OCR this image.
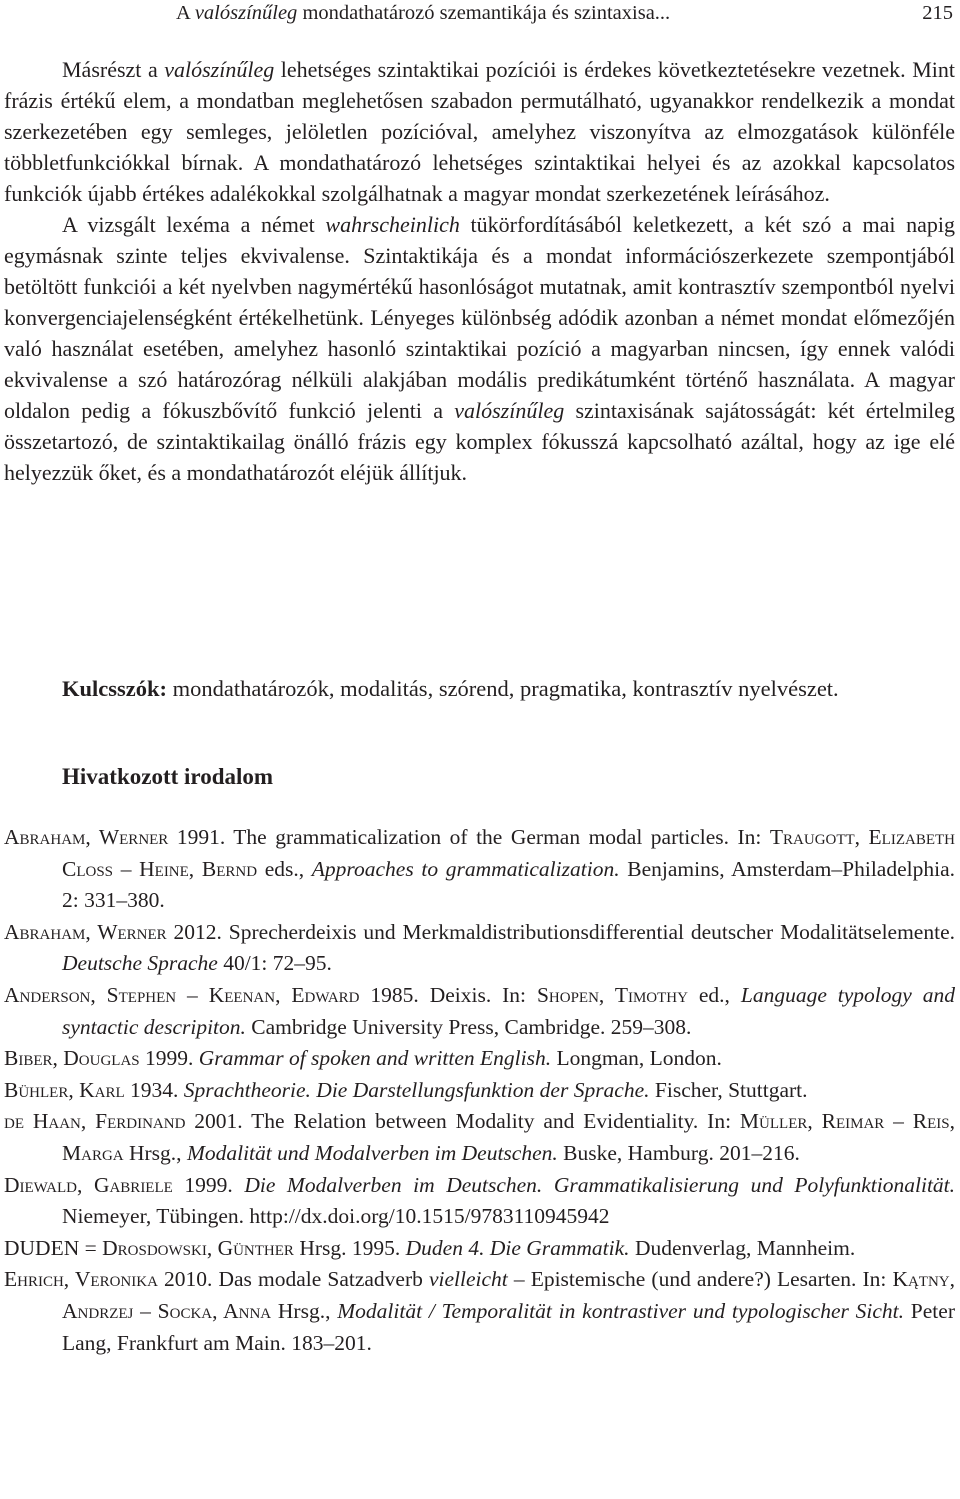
A valószínűleg mondathatározó szemantikája és szintaxisa...	215

Másrészt a valószínűleg lehetséges szintaktikai pozíciói is érdekes következtetésekre vezetnek. Mint frázis értékű elem, a mondatban meglehetősen szabadon permutálható, ugyanakkor rendelkezik a mondat szerkezetében egy semleges, jelöletlen pozícióval, amelyhez viszonyítva az elmozgatások különféle többletfunkciókkal bírnak. A mondathatározó lehetséges szintaktikai helyei és az azokkal kapcsolatos funkciók újabb értékes adalékokkal szolgálhatnak a magyar mondat szerkezetének leírásához.

A vizsgált lexéma a német wahrscheinlich tükörfordításából keletkezett, a két szó a mai napig egymásnak szinte teljes ekvivalense. Szintaktikája és a mondat információszerkezete szempontjából betöltött funkciói a két nyelvben nagymértékű hasonlóságot mutatnak, amit kontrasztív szempontból nyelvi konvergenciajelenségként értékelhetünk. Lényeges különbség adódik azonban a német mondat előmezőjén való használat esetében, amelyhez hasonló szintaktikai pozíció a magyarban nincsen, így ennek valódi ekvivalense a szó határozórag nélküli alakjában modális predikátumként történő használata. A magyar oldalon pedig a fókuszbővítő funkció jelenti a valószínűleg szintaxisának sajátosságát: két értelmileg összetartozó, de szintaktikailag önálló frázis egy komplex fókusszá kapcsolható azáltal, hogy az ige elé helyezzük őket, és a mondathatározót eléjük állítjuk.

Kulcsszók: mondathatározók, modalitás, szórend, pragmatika, kontrasztív nyelvészet.
Hivatkozott irodalom

Abraham, Werner 1991. The grammaticalization of the German modal particles. In: Traugott, Elizabeth Closs – Heine, Bernd eds., Approaches to grammaticalization. Benjamins, Amsterdam–Philadelphia. 2: 331–380.

Abraham, Werner 2012. Sprecherdeixis und Merkmaldistributionsdifferential deutscher Modalitätselemente. Deutsche Sprache 40/1: 72–95.

Anderson, Stephen – Keenan, Edward 1985. Deixis. In: Shopen, Timothy ed., Language typology and syntactic descripiton. Cambridge University Press, Cambridge. 259–308.

Biber, Douglas 1999. Grammar of spoken and written English. Longman, London.

Bühler, Karl 1934. Sprachtheorie. Die Darstellungsfunktion der Sprache. Fischer, Stuttgart.

de Haan, Ferdinand 2001. The Relation between Modality and Evidentiality. In: Müller, Reimar – Reis, Marga Hrsg., Modalität und Modalverben im Deutschen. Buske, Hamburg. 201–216.

Diewald, Gabriele 1999. Die Modalverben im Deutschen. Grammatikalisierung und Polyfunktionalität. Niemeyer, Tübingen. http://dx.doi.org/10.1515/9783110945942

DUDEN = Drosdowski, Günther Hrsg. 1995. Duden 4. Die Grammatik. Dudenverlag, Mannheim.

Ehrich, Veronika 2010. Das modale Satzadverb vielleicht – Epistemische (und andere?) Lesarten. In: Kątny, Andrzej – Socka, Anna Hrsg., Modalität / Temporalität in kontrastiver und typologischer Sicht. Peter Lang, Frankfurt am Main. 183–201.
